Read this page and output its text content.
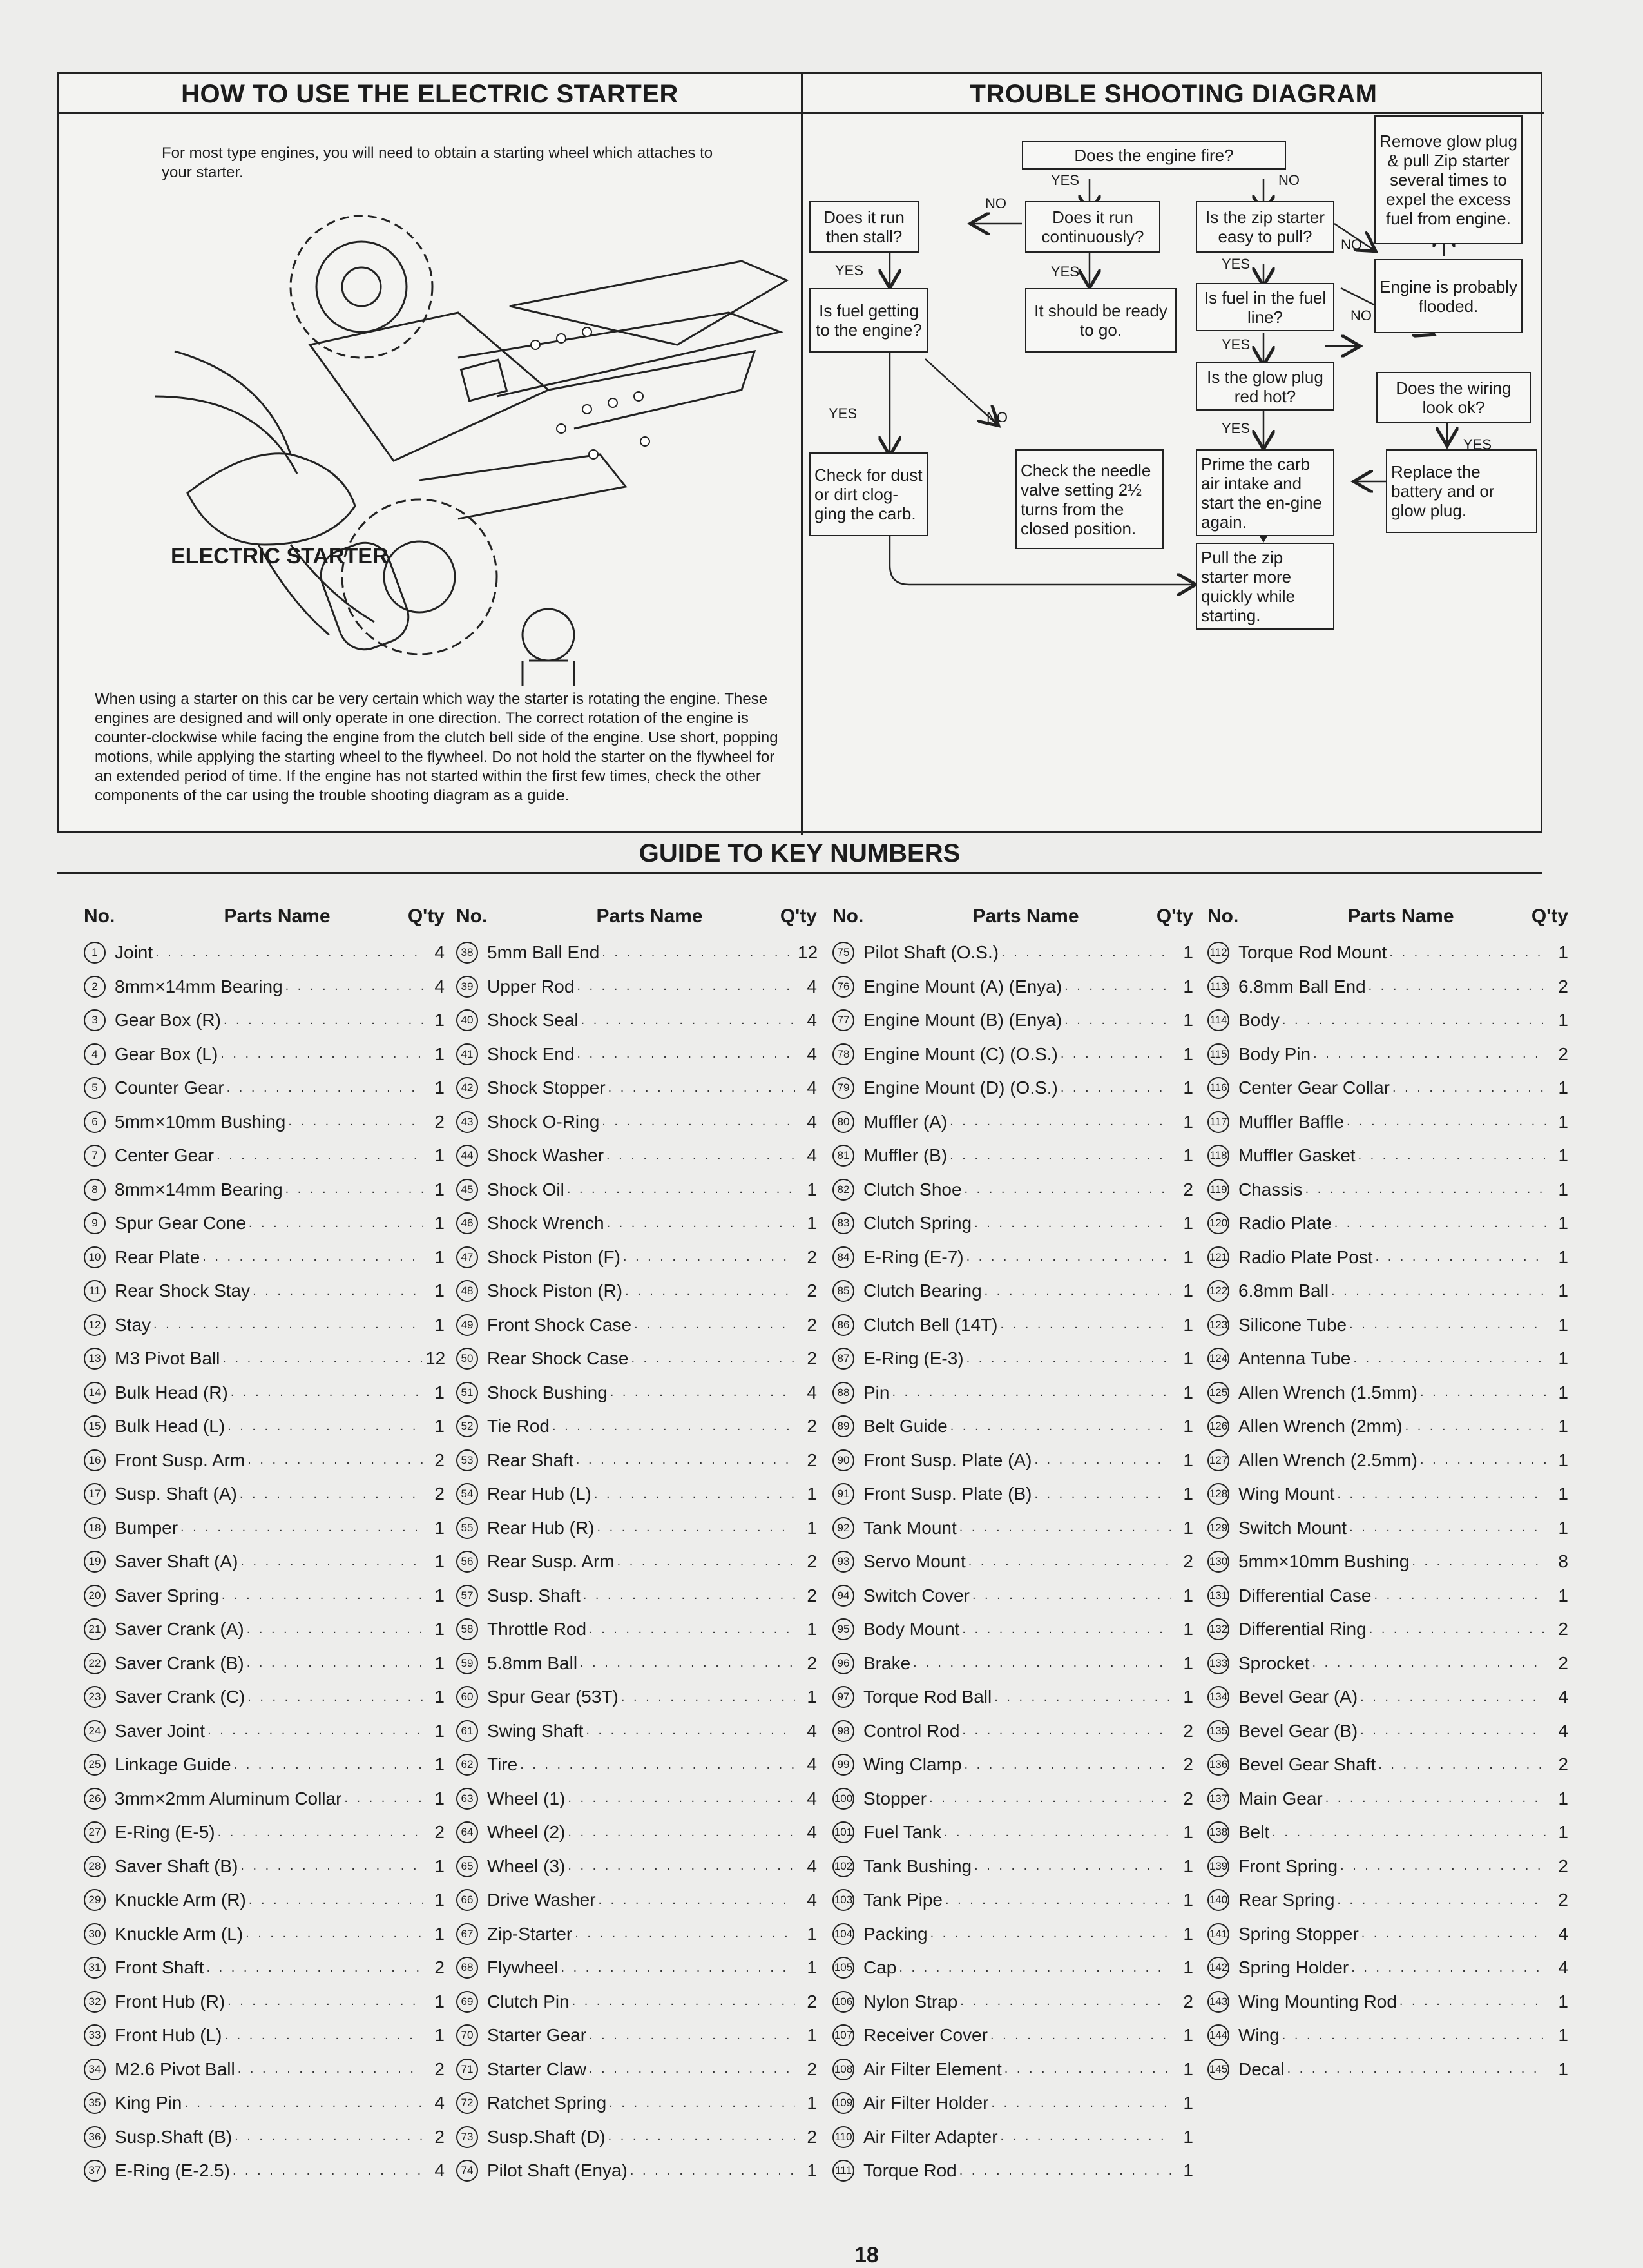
HOW TO USE THE ELECTRIC STARTER
For most type engines, you will need to obtain a starting wheel which attaches to your starter.
ELECTRIC STARTER
When using a starter on this car be very certain which way the starter is rotating the engine. These engines are designed and will only operate in one direction. The correct rotation of the engine is counter-clockwise while facing the engine from the clutch bell side of the engine. Use short, popping motions, while applying the starting wheel to the flywheel. Do not hold the starter on the flywheel for an extended period of time. If the engine has not started within the first few times, check the other components of the car using the trouble shooting diagram as a guide.
TROUBLE SHOOTING DIAGRAM
Does the engine fire?
Remove glow plug & pull Zip starter several times to expel the excess fuel from engine.
Does it run then stall?
Does it run continuously?
Is the zip starter easy to pull?
Engine is probably flooded.
Is fuel in the fuel line?
Is fuel getting to the engine?
It should be ready to go.
Is the glow plug red hot?	Does the wiring look ok?
Check the needle valve setting 2½ turns from the closed position.
Check for dust or dirt clog-ging the carb.
Prime the carb air intake and start the en-gine again.
Replace the battery and or glow plug.
Pull the zip starter more quickly while starting.
YES	NO
NO
NO
YES	YES	YES
NO
YES
NO
YES
YES
YES
GUIDE TO KEY NUMBERS
No.	Parts Name	Q'ty
1 Joint . . .	4
2 8mm×14mm Bearing . . .	4
3 Gear Box (R) . . .	1
4 Gear Box (L) . . .	1
5 Counter Gear . . .	1
6 5mm×10mm Bushing . . .	2
7 Center Gear . . .	1
8 8mm×14mm Bearing . . .	1
9 Spur Gear Cone . . .	1
10 Rear Plate . . .	1
11 Rear Shock Stay . . .	1
12 Stay . . .	1
13 M3 Pivot Ball . . .	12
14 Bulk Head (R) . . .	1
15 Bulk Head (L) . . .	1
16 Front Susp. Arm . . .	2
17 Susp. Shaft (A) . . .	2
18 Bumper . . .	1
19 Saver Shaft (A) . . .	1
20 Saver Spring . . .	1
21 Saver Crank (A) . . .	1
22 Saver Crank (B) . . .	1
23 Saver Crank (C) . . .	1
24 Saver Joint . . .	1
25 Linkage Guide . . .	1
26 3mm×2mm Aluminum Collar . . .	1
27 E-Ring (E-5) . . .	2
28 Saver Shaft (B) . . .	1
29 Knuckle Arm (R) . . .	1
30 Knuckle Arm (L) . . .	1
31 Front Shaft . . .	2
32 Front Hub (R) . . .	1
33 Front Hub (L) . . .	1
34 M2.6 Pivot Ball . . .	2
35 King Pin . . .	4
36 Susp.Shaft (B) . . .	2
37 E-Ring (E-2.5) . . .	4
No.	Parts Name	Q'ty
38 5mm Ball End . . .	12
39 Upper Rod . . .	4
40 Shock Seal . . .	4
41 Shock End . . .	4
42 Shock Stopper . . .	4
43 Shock O-Ring . . .	4
44 Shock Washer . . .	4
45 Shock Oil . . .	1
46 Shock Wrench . . .	1
47 Shock Piston (F) . . .	2
48 Shock Piston (R) . . .	2
49 Front Shock Case . . .	2
50 Rear Shock Case . . .	2
51 Shock Bushing . . .	4
52 Tie Rod . . .	2
53 Rear Shaft . . .	2
54 Rear Hub (L) . . .	1
55 Rear Hub (R) . . .	1
56 Rear Susp. Arm . . .	2
57 Susp. Shaft . . .	2
58 Throttle Rod . . .	1
59 5.8mm Ball . . .	2
60 Spur Gear (53T) . . .	1
61 Swing Shaft . . .	4
62 Tire . . .	4
63 Wheel (1) . . .	4
64 Wheel (2) . . .	4
65 Wheel (3) . . .	4
66 Drive Washer . . .	4
67 Zip-Starter . . .	1
68 Flywheel . . .	1
69 Clutch Pin . . .	2
70 Starter Gear . . .	1
71 Starter Claw . . .	2
72 Ratchet Spring . . .	1
73 Susp.Shaft (D) . . .	2
74 Pilot Shaft (Enya) . . .	1
No.	Parts Name	Q'ty
75 Pilot Shaft (O.S.) . . .	1
76 Engine Mount (A) (Enya) . . .	1
77 Engine Mount (B) (Enya) . . .	1
78 Engine Mount (C) (O.S.) . . .	1
79 Engine Mount (D) (O.S.) . . .	1
80 Muffler (A) . . .	1
81 Muffler (B) . . .	1
82 Clutch Shoe . . .	2
83 Clutch Spring . . .	1
84 E-Ring (E-7) . . .	1
85 Clutch Bearing . . .	1
86 Clutch Bell (14T) . . .	1
87 E-Ring (E-3) . . .	1
88 Pin . . .	1
89 Belt Guide . . .	1
90 Front Susp. Plate (A) . . .	1
91 Front Susp. Plate (B) . . .	1
92 Tank Mount . . .	1
93 Servo Mount . . .	2
94 Switch Cover . . .	1
95 Body Mount . . .	1
96 Brake . . .	1
97 Torque Rod Ball . . .	1
98 Control Rod . . .	2
99 Wing Clamp . . .	2
100 Stopper . . .	2
101 Fuel Tank . . .	1
102 Tank Bushing . . .	1
103 Tank Pipe . . .	1
104 Packing . . .	1
105 Cap . . .	1
106 Nylon Strap . . .	2
107 Receiver Cover . . .	1
108 Air Filter Element . . .	1
109 Air Filter Holder . . .	1
110 Air Filter Adapter . . .	1
111 Torque Rod . . .	1
No.	Parts Name	Q'ty
112 Torque Rod Mount . . .	1
113 6.8mm Ball End . . .	2
114 Body . . .	1
115 Body Pin . . .	2
116 Center Gear Collar . . .	1
117 Muffler Baffle . . .	1
118 Muffler Gasket . . .	1
119 Chassis . . .	1
120 Radio Plate . . .	1
121 Radio Plate Post . . .	1
122 6.8mm Ball . . .	1
123 Silicone Tube . . .	1
124 Antenna Tube . . .	1
125 Allen Wrench (1.5mm) . . .	1
126 Allen Wrench (2mm) . . .	1
127 Allen Wrench (2.5mm) . . .	1
128 Wing Mount . . .	1
129 Switch Mount . . .	1
130 5mm×10mm Bushing . . .	8
131 Differential Case . . .	1
132 Differential Ring . . .	2
133 Sprocket . . .	2
134 Bevel Gear (A) . . .	4
135 Bevel Gear (B) . . .	4
136 Bevel Gear Shaft . . .	2
137 Main Gear . . .	1
138 Belt . . .	1
139 Front Spring . . .	2
140 Rear Spring . . .	2
141 Spring Stopper . . .	4
142 Spring Holder . . .	4
143 Wing Mounting Rod . . .	1
144 Wing . . .	1
145 Decal . . .	1
18
